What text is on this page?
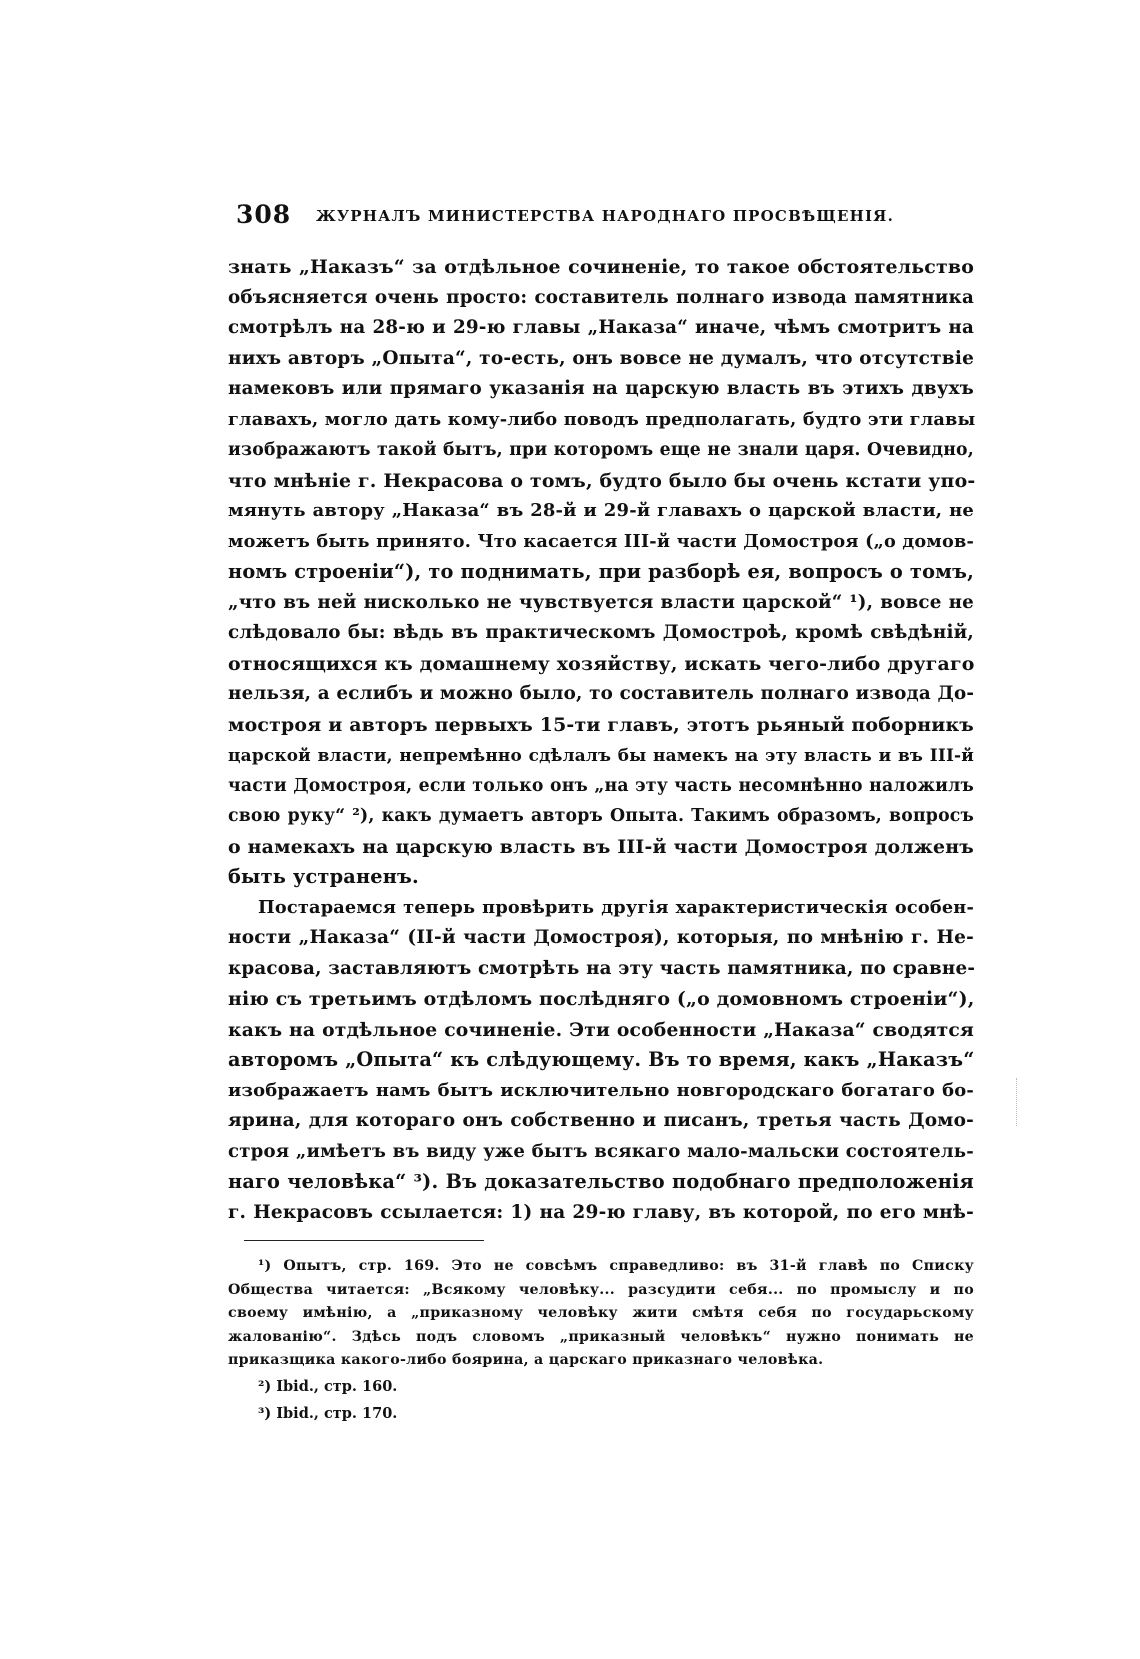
308 ЖУРНАЛЪ МИНИСТЕРСТВА НАРОДНАГО ПРОСВѢЩЕНІЯ.
знать „Наказъ“ за отдѣльное сочиненіе, то такое обстоятельство
объясняется очень просто: составитель полнаго извода памятника
смотрѣлъ на 28-ю и 29-ю главы „Наказа“ иначе, чѣмъ смотритъ на
нихъ авторъ „Опыта“, то-есть, онъ вовсе не думалъ, что отсутствіе
намековъ или прямаго указанія на царскую власть въ этихъ двухъ
главахъ, могло дать кому-либо поводъ предполагать, будто эти главы
изображаютъ такой бытъ, при которомъ еще не знали царя. Очевидно,
что мнѣніе г. Некрасова о томъ, будто было бы очень кстати упо-
мянуть автору „Наказа“ въ 28-й и 29-й главахъ о царской власти, не
можетъ быть принято. Что касается III-й части Домостроя („о домов-
номъ строеніи“), то поднимать, при разборѣ ея, вопросъ о томъ,
„что въ ней нисколько не чувствуется власти царской“ ¹), вовсе не
слѣдовало бы: вѣдь въ практическомъ Домостроѣ, кромѣ свѣдѣній,
относящихся къ домашнему хозяйству, искать чего-либо другаго
нельзя, а еслибъ и можно было, то составитель полнаго извода До-
мостроя и авторъ первыхъ 15-ти главъ, этотъ рьяный поборникъ
царской власти, непремѣнно сдѣлалъ бы намекъ на эту власть и въ III-й
части Домостроя, если только онъ „на эту часть несомнѣнно наложилъ
свою руку“ ²), какъ думаетъ авторъ Опыта. Такимъ образомъ, вопросъ
о намекахъ на царскую власть въ III-й части Домостроя долженъ
быть устраненъ.
Постараемся теперь провѣрить другія характеристическія особен-
ности „Наказа“ (II-й части Домостроя), которыя, по мнѣнію г. Не-
красова, заставляютъ смотрѣть на эту часть памятника, по сравне-
нію съ третьимъ отдѣломъ послѣдняго („о домовномъ строеніи“),
какъ на отдѣльное сочиненіе. Эти особенности „Наказа“ сводятся
авторомъ „Опыта“ къ слѣдующему. Въ то время, какъ „Наказъ“
изображаетъ намъ бытъ исключительно новгородскаго богатаго бо-
ярина, для котораго онъ собственно и писанъ, третья часть Домо-
строя „имѣетъ въ виду уже бытъ всякаго мало-мальски состоятель-
наго человѣка“ ³). Въ доказательство подобнаго предположенія
г. Некрасовъ ссылается: 1) на 29-ю главу, въ которой, по его мнѣ-
¹) Опытъ, стр. 169. Это не совсѣмъ справедливо: въ 31-й главѣ по Списку
Общества читается: „Всякому человѣку... разсудити себя... по промыслу и по
своему имѣнію, а „приказному человѣку жити смѣтя себя по государьскому
жалованію“. Здѣсь подъ словомъ „приказный человѣкъ“ нужно понимать не
приказщика какого-либо боярина, а царскаго приказнаго человѣка.
²) Ibid., стр. 160.
³) Ibid., стр. 170.
